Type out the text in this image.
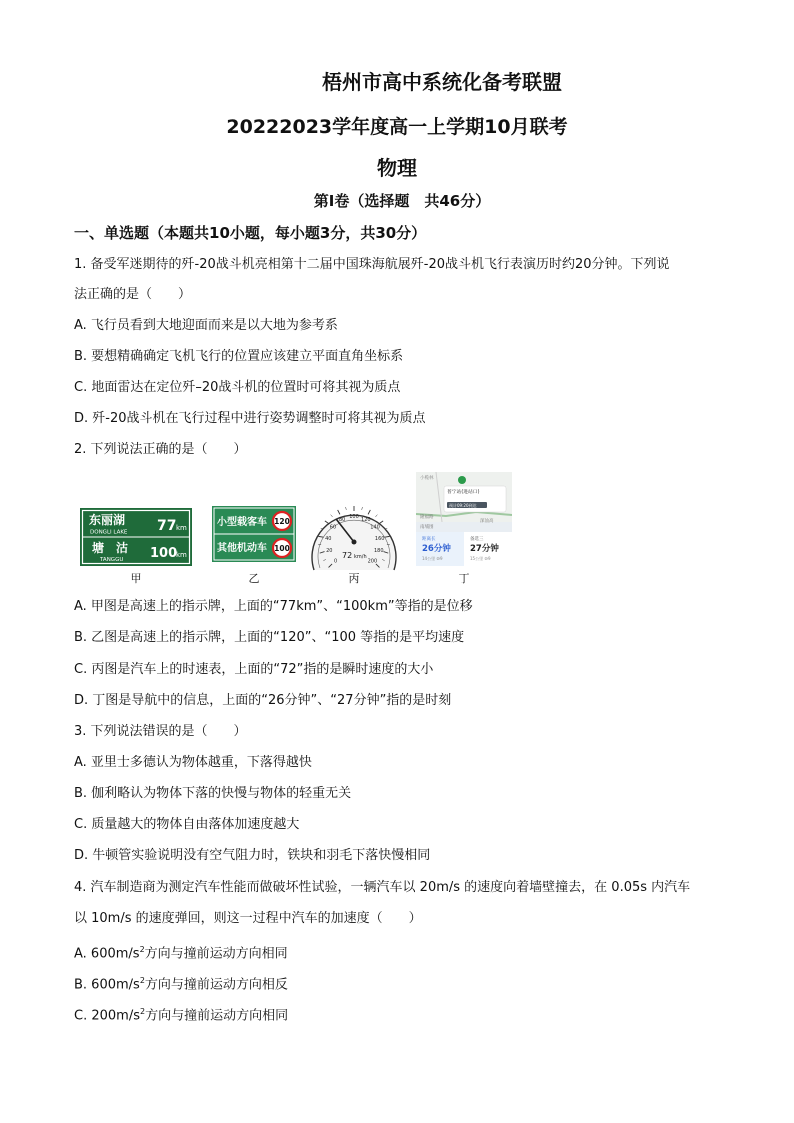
梧州市高中系统化备考联盟
20222023学年度高一上学期10月联考
物理
第Ⅰ卷（选择题　共46分）
一、单选题（本题共10小题，每小题3分，共30分）
1. 备受军迷期待的歼-20战斗机亮相第十二届中国珠海航展歼-20战斗机飞行表演历时约20分钟。下列说
法正确的是（　　）
A. 飞行员看到大地迎面而来是以大地为参考系
B. 要想精确确定飞机飞行的位置应该建立平面直角坐标系
C. 地面雷达在定位歼–20战斗机的位置时可将其视为质点
D. 歼-20战斗机在飞行过程中进行姿势调整时可将其视为质点
2. 下列说法正确的是（　　）
东丽湖
DONGLI LAKE 77 km
塘　沽
TANGGU 100
km
甲
小型载客车 120
其他机动车 100
乙
0
20
40
60
80 100 120
140
160
180
200
72 km/h
丙
小榄林
普宁站(进站口)
预计09:20到达
隆福路
南埔围
深汕高
距离长
26分钟
14公里 ⑩9
备选三
27分钟
15公里 ⑩9
丁
A. 甲图是高速上的指示牌，上面的“77km”、“100km”等指的是位移
B. 乙图是高速上的指示牌，上面的“120”、“100 等指的是平均速度
C. 丙图是汽车上的时速表，上面的“72”指的是瞬时速度的大小
D. 丁图是导航中的信息，上面的“26分钟”、“27分钟”指的是时刻
3. 下列说法错误的是（　　）
A. 亚里士多德认为物体越重，下落得越快
B. 伽利略认为物体下落的快慢与物体的轻重无关
C. 质量越大的物体自由落体加速度越大
D. 牛顿管实验说明没有空气阻力时，铁块和羽毛下落快慢相同
4. 汽车制造商为测定汽车性能而做破坏性试验，一辆汽车以 20m/s 的速度向着墙壁撞去，在 0.05s 内汽车
以 10m/s 的速度弹回，则这一过程中汽车的加速度（　　）
A. $600m/s^2$方向与撞前运动方向相同
B. $600m/s^2$方向与撞前运动方向相反
C. $200m/s^2$方向与撞前运动方向相同
